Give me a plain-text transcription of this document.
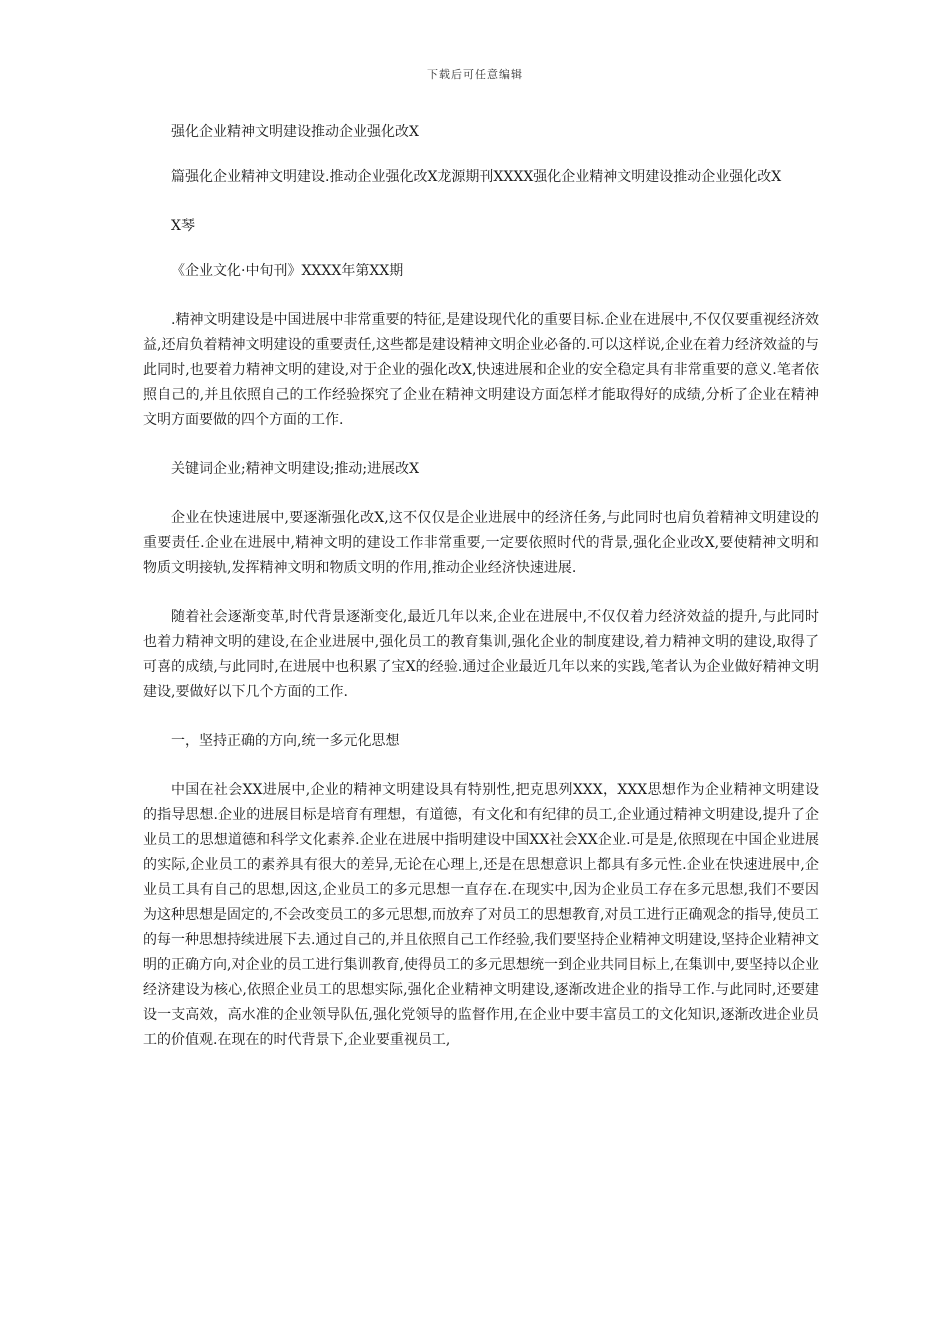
下载后可任意编辑

强化企业精神文明建设推动企业强化改X

篇强化企业精神文明建设.推动企业强化改X龙源期刊XXXX强化企业精神文明建设推动企业强化改X

X琴

《企业文化·中旬刊》XXXX年第XX期

.精神文明建设是中国进展中非常重要的特征,是建设现代化的重要目标.企业在进展中,不仅仅要重视经济效益,还肩负着精神文明建设的重要责任,这些都是建设精神文明企业必备的.可以这样说,企业在着力经济效益的与此同时,也要着力精神文明的建设,对于企业的强化改X,快速进展和企业的安全稳定具有非常重要的意义.笔者依照自己的,并且依照自己的工作经验探究了企业在精神文明建设方面怎样才能取得好的成绩,分析了企业在精神文明方面要做的四个方面的工作.

关键词企业;精神文明建设;推动;进展改X

企业在快速进展中,要逐渐强化改X,这不仅仅是企业进展中的经济任务,与此同时也肩负着精神文明建设的重要责任.企业在进展中,精神文明的建设工作非常重要,一定要依照时代的背景,强化企业改X,要使精神文明和物质文明接轨,发挥精神文明和物质文明的作用,推动企业经济快速进展.

随着社会逐渐变革,时代背景逐渐变化,最近几年以来,企业在进展中,不仅仅着力经济效益的提升,与此同时也着力精神文明的建设,在企业进展中,强化员工的教育集训,强化企业的制度建设,着力精神文明的建设,取得了可喜的成绩,与此同时,在进展中也积累了宝X的经验.通过企业最近几年以来的实践,笔者认为企业做好精神文明建设,要做好以下几个方面的工作.

一，坚持正确的方向,统一多元化思想

中国在社会XX进展中,企业的精神文明建设具有特别性,把克思列XXX，XXX思想作为企业精神文明建设的指导思想.企业的进展目标是培育有理想，有道德，有文化和有纪律的员工,企业通过精神文明建设,提升了企业员工的思想道德和科学文化素养.企业在进展中指明建设中国XX社会XX企业.可是是,依照现在中国企业进展的实际,企业员工的素养具有很大的差异,无论在心理上,还是在思想意识上都具有多元性.企业在快速进展中,企业员工具有自己的思想,因这,企业员工的多元思想一直存在.在现实中,因为企业员工存在多元思想,我们不要因为这种思想是固定的,不会改变员工的多元思想,而放弃了对员工的思想教育,对员工进行正确观念的指导,使员工的每一种思想持续进展下去.通过自己的,并且依照自己工作经验,我们要坚持企业精神文明建设,坚持企业精神文明的正确方向,对企业的员工进行集训教育,使得员工的多元思想统一到企业共同目标上,在集训中,要坚持以企业经济建设为核心,依照企业员工的思想实际,强化企业精神文明建设,逐渐改进企业的指导工作.与此同时,还要建设一支高效，高水准的企业领导队伍,强化党领导的监督作用,在企业中要丰富员工的文化知识,逐渐改进企业员工的价值观.在现在的时代背景下,企业要重视员工,
